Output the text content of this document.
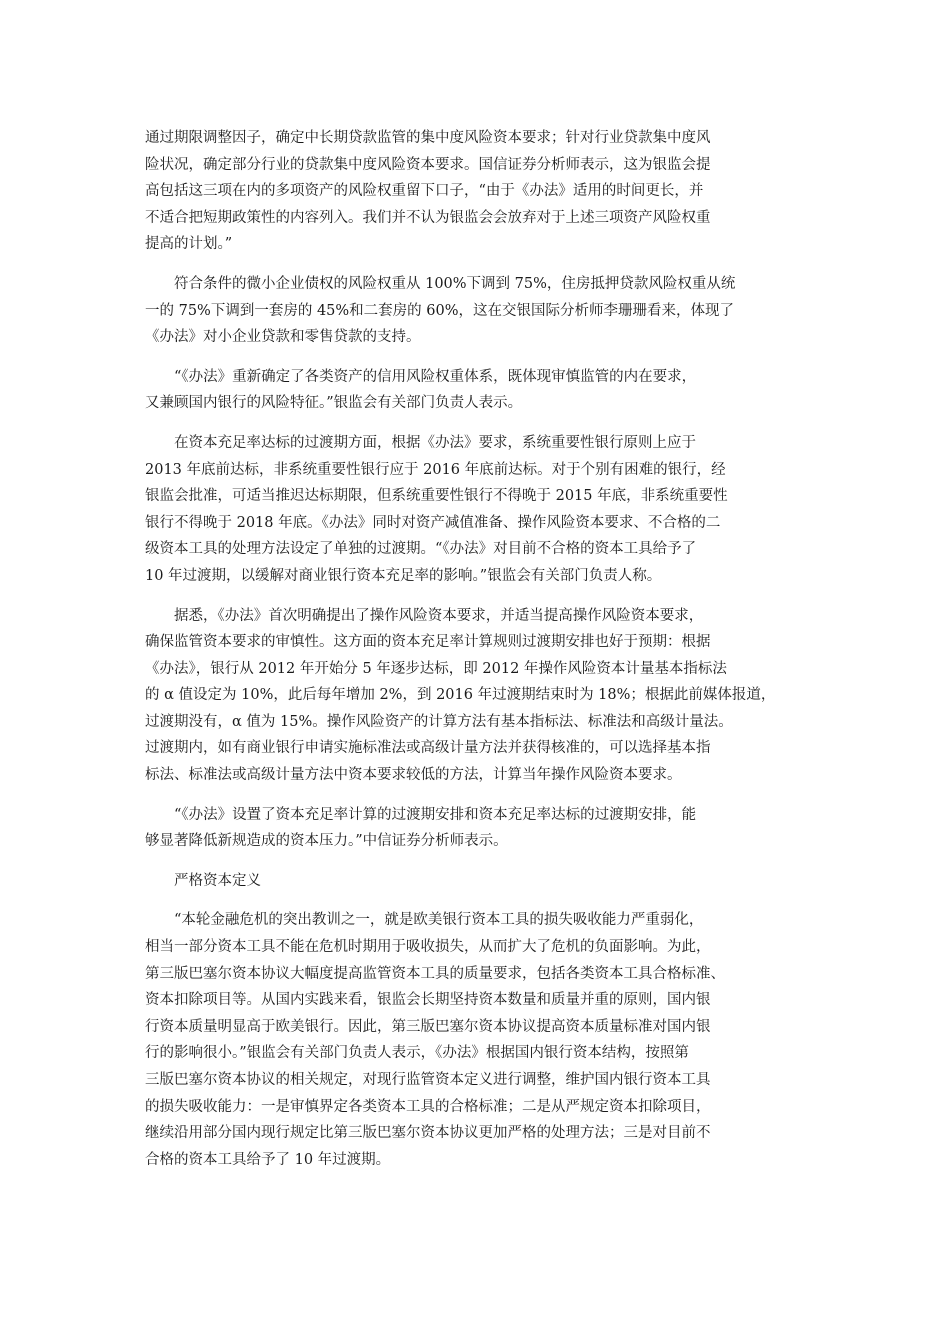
通过期限调整因子，确定中长期贷款监管的集中度风险资本要求；针对行业贷款集中度风
险状况，确定部分行业的贷款集中度风险资本要求。国信证券分析师表示，这为银监会提
高包括这三项在内的多项资产的风险权重留下口子，“由于《办法》适用的时间更长，并
不适合把短期政策性的内容列入。我们并不认为银监会会放弃对于上述三项资产风险权重
提高的计划。”
符合条件的微小企业债权的风险权重从 100%下调到 75%，住房抵押贷款风险权重从统
一的 75%下调到一套房的 45%和二套房的 60%，这在交银国际分析师李珊珊看来，体现了
《办法》对小企业贷款和零售贷款的支持。
“《办法》重新确定了各类资产的信用风险权重体系，既体现审慎监管的内在要求，
又兼顾国内银行的风险特征。”银监会有关部门负责人表示。
在资本充足率达标的过渡期方面，根据《办法》要求，系统重要性银行原则上应于
2013 年底前达标，非系统重要性银行应于 2016 年底前达标。对于个别有困难的银行，经
银监会批准，可适当推迟达标期限，但系统重要性银行不得晚于 2015 年底，非系统重要性
银行不得晚于 2018 年底。《办法》同时对资产减值准备、操作风险资本要求、不合格的二
级资本工具的处理方法设定了单独的过渡期。“《办法》对目前不合格的资本工具给予了
10 年过渡期，以缓解对商业银行资本充足率的影响。”银监会有关部门负责人称。
据悉，《办法》首次明确提出了操作风险资本要求，并适当提高操作风险资本要求，
确保监管资本要求的审慎性。这方面的资本充足率计算规则过渡期安排也好于预期：根据
《办法》，银行从 2012 年开始分 5 年逐步达标，即 2012 年操作风险资本计量基本指标法
的 α 值设定为 10%，此后每年增加 2%，到 2016 年过渡期结束时为 18%；根据此前媒体报道，
过渡期没有，α 值为 15%。操作风险资产的计算方法有基本指标法、标准法和高级计量法。
过渡期内，如有商业银行申请实施标准法或高级计量方法并获得核准的，可以选择基本指
标法、标准法或高级计量方法中资本要求较低的方法，计算当年操作风险资本要求。
“《办法》设置了资本充足率计算的过渡期安排和资本充足率达标的过渡期安排，能
够显著降低新规造成的资本压力。”中信证券分析师表示。
严格资本定义
“本轮金融危机的突出教训之一，就是欧美银行资本工具的损失吸收能力严重弱化，
相当一部分资本工具不能在危机时期用于吸收损失，从而扩大了危机的负面影响。为此，
第三版巴塞尔资本协议大幅度提高监管资本工具的质量要求，包括各类资本工具合格标准、
资本扣除项目等。从国内实践来看，银监会长期坚持资本数量和质量并重的原则，国内银
行资本质量明显高于欧美银行。因此，第三版巴塞尔资本协议提高资本质量标准对国内银
行的影响很小。”银监会有关部门负责人表示，《办法》根据国内银行资本结构，按照第
三版巴塞尔资本协议的相关规定，对现行监管资本定义进行调整，维护国内银行资本工具
的损失吸收能力：一是审慎界定各类资本工具的合格标准；二是从严规定资本扣除项目，
继续沿用部分国内现行规定比第三版巴塞尔资本协议更加严格的处理方法；三是对目前不
合格的资本工具给予了 10 年过渡期。
